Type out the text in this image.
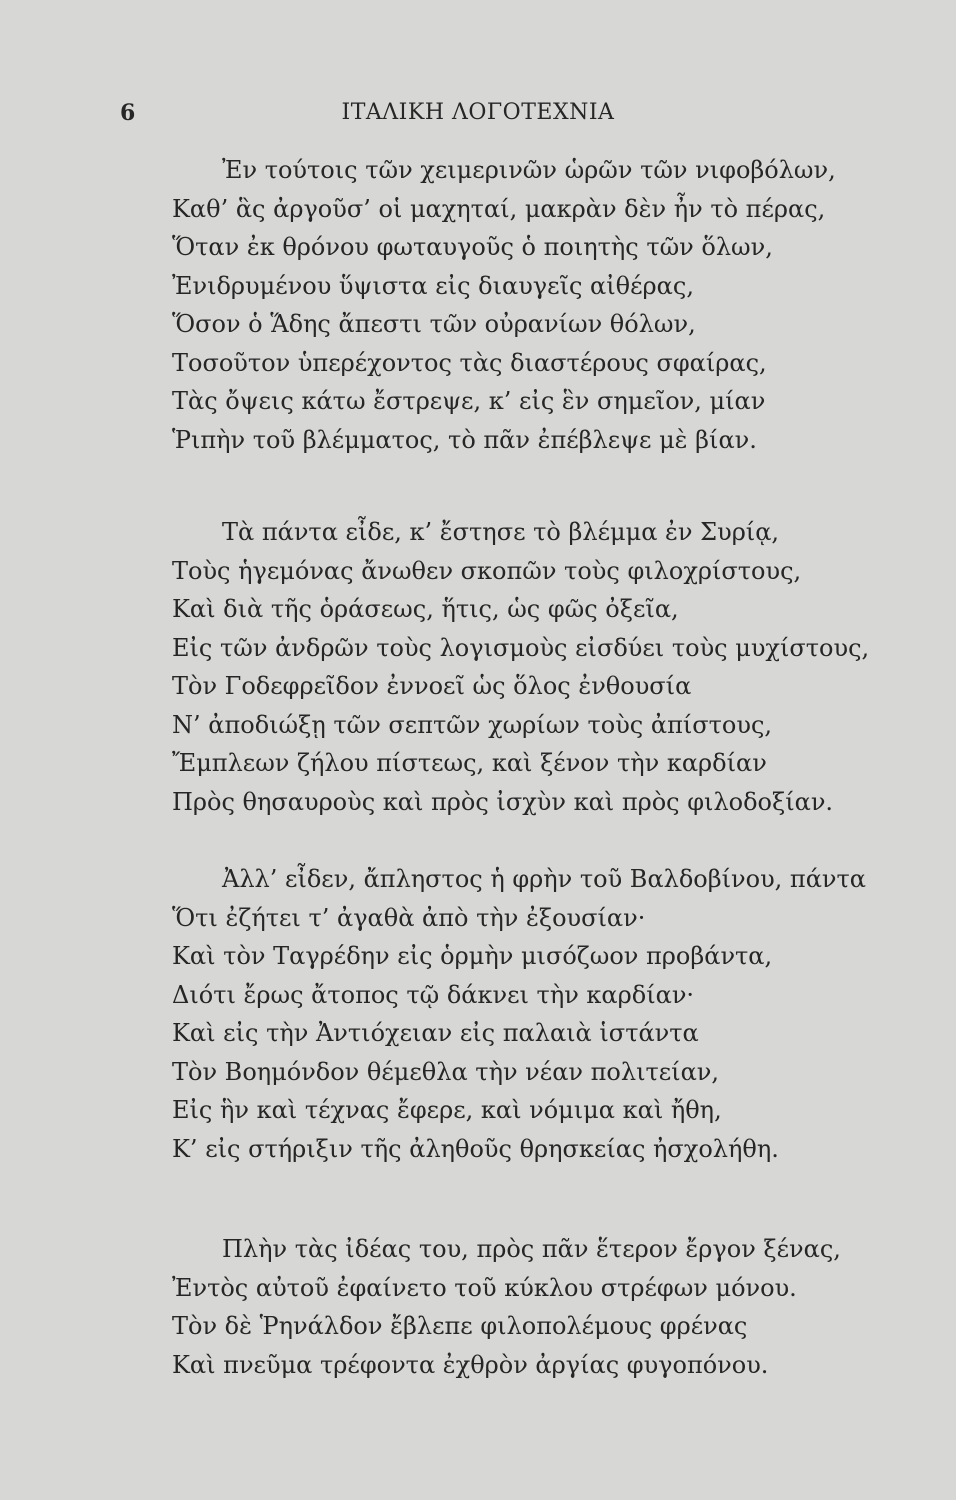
6	ΙΤΑΛΙΚΗ ΛΟΓΟΤΕΧΝΙΑ
Ἐν τούτοις τῶν χειμερινῶν ὡρῶν τῶν νιφοβόλων,
Καθ’ ἃς ἀργοῦσ’ οἱ μαχηταί, μακρὰν δὲν ἦν τὸ πέρας,
Ὅταν ἐκ θρόνου φωταυγοῦς ὁ ποιητὴς τῶν ὅλων,
Ἐνιδρυμένου ὕψιστα εἰς διαυγεῖς αἰθέρας,
Ὅσον ὁ Ἅδης ἄπεστι τῶν οὐρανίων θόλων,
Τοσοῦτον ὑπερέχοντος τὰς διαστέρους σφαίρας,
Τὰς ὄψεις κάτω ἔστρεψε, κ’ εἰς ἓν σημεῖον, μίαν
Ῥιπὴν τοῦ βλέμματος, τὸ πᾶν ἐπέβλεψε μὲ βίαν.
Τὰ πάντα εἶδε, κ’ ἔστησε τὸ βλέμμα ἐν Συρίᾳ,
Τοὺς ἡγεμόνας ἄνωθεν σκοπῶν τοὺς φιλοχρίστους,
Καὶ διὰ τῆς ὁράσεως, ἥτις, ὡς φῶς ὀξεῖα,
Εἰς τῶν ἀνδρῶν τοὺς λογισμοὺς εἰσδύει τοὺς μυχίστους,
Τὸν Γοδεφρεῖδον ἐννοεῖ ὡς ὅλος ἐνθουσία
Ν’ ἀποδιώξῃ τῶν σεπτῶν χωρίων τοὺς ἀπίστους,
Ἔμπλεων ζήλου πίστεως, καὶ ξένον τὴν καρδίαν
Πρὸς θησαυροὺς καὶ πρὸς ἰσχὺν καὶ πρὸς φιλοδοξίαν.
Ἀλλ’ εἶδεν, ἄπληστος ἡ φρὴν τοῦ Βαλδοβίνου, πάντα
Ὅτι ἐζήτει τ’ ἀγαθὰ ἀπὸ τὴν ἐξουσίαν·
Καὶ τὸν Ταγρέδην εἰς ὁρμὴν μισόζωον προβάντα,
Διότι ἔρως ἄτοπος τῷ δάκνει τὴν καρδίαν·
Καὶ εἰς τὴν Ἀντιόχειαν εἰς παλαιὰ ἱστάντα
Τὸν Βοημόνδον θέμεθλα τὴν νέαν πολιτείαν,
Εἰς ἣν καὶ τέχνας ἔφερε, καὶ νόμιμα καὶ ἤθη,
Κ’ εἰς στήριξιν τῆς ἀληθοῦς θρησκείας ἠσχολήθη.
Πλὴν τὰς ἰδέας του, πρὸς πᾶν ἕτερον ἔργον ξένας,
Ἐντὸς αὐτοῦ ἐφαίνετο τοῦ κύκλου στρέφων μόνου.
Τὸν δὲ Ῥηνάλδον ἔβλεπε φιλοπολέμους φρένας
Καὶ πνεῦμα τρέφοντα ἐχθρὸν ἀργίας φυγοπόνου.
